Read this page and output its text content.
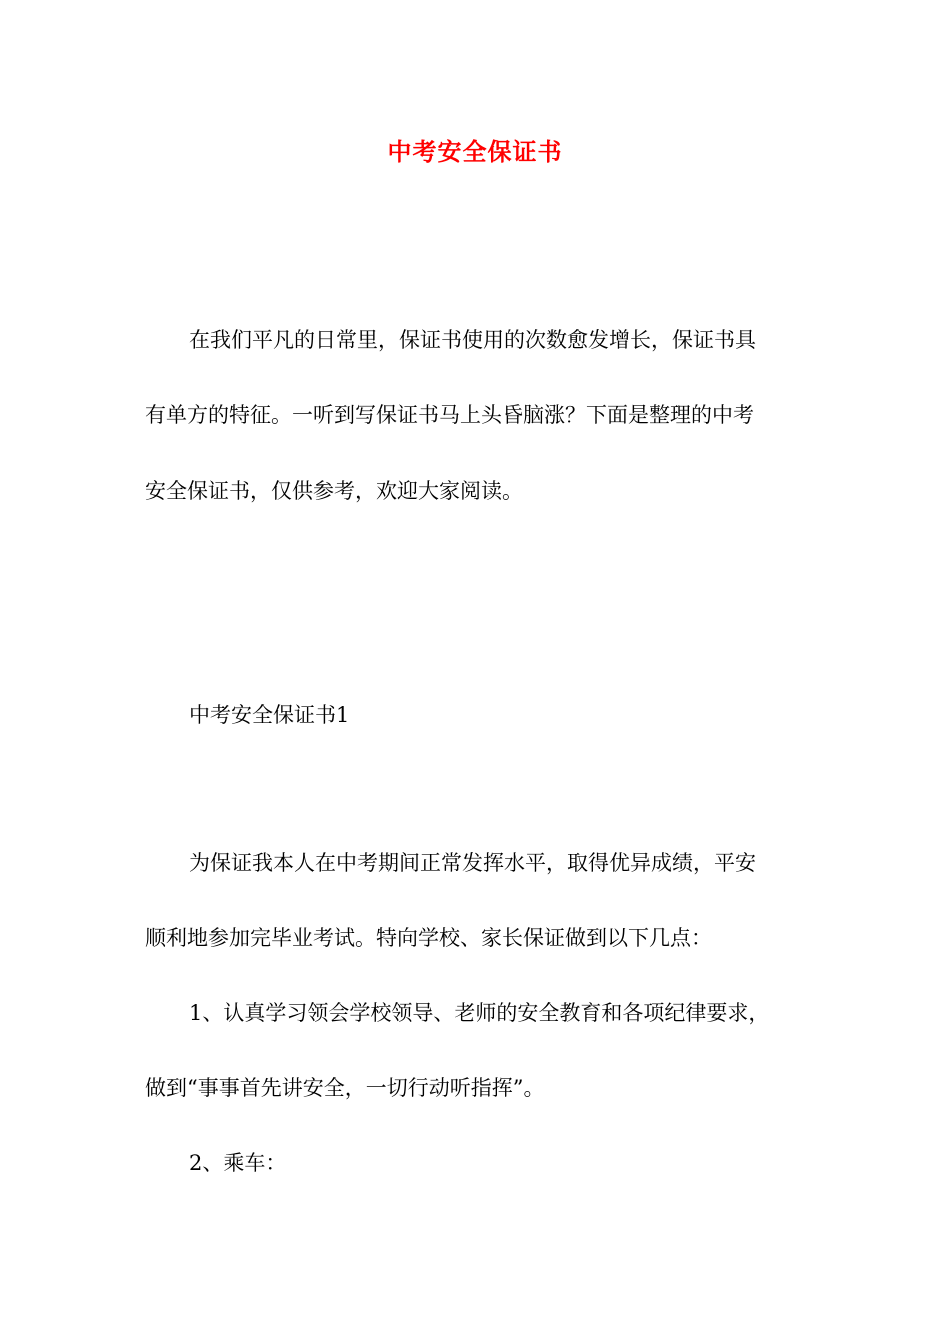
中考安全保证书
在我们平凡的日常里，保证书使用的次数愈发增长，保证书具
有单方的特征。一听到写保证书马上头昏脑涨？下面是整理的中考
安全保证书，仅供参考，欢迎大家阅读。
中考安全保证书1
为保证我本人在中考期间正常发挥水平，取得优异成绩，平安
顺利地参加完毕业考试。特向学校、家长保证做到以下几点：
1、认真学习领会学校领导、老师的安全教育和各项纪律要求，
做到“事事首先讲安全，一切行动听指挥”。
2、乘车：
